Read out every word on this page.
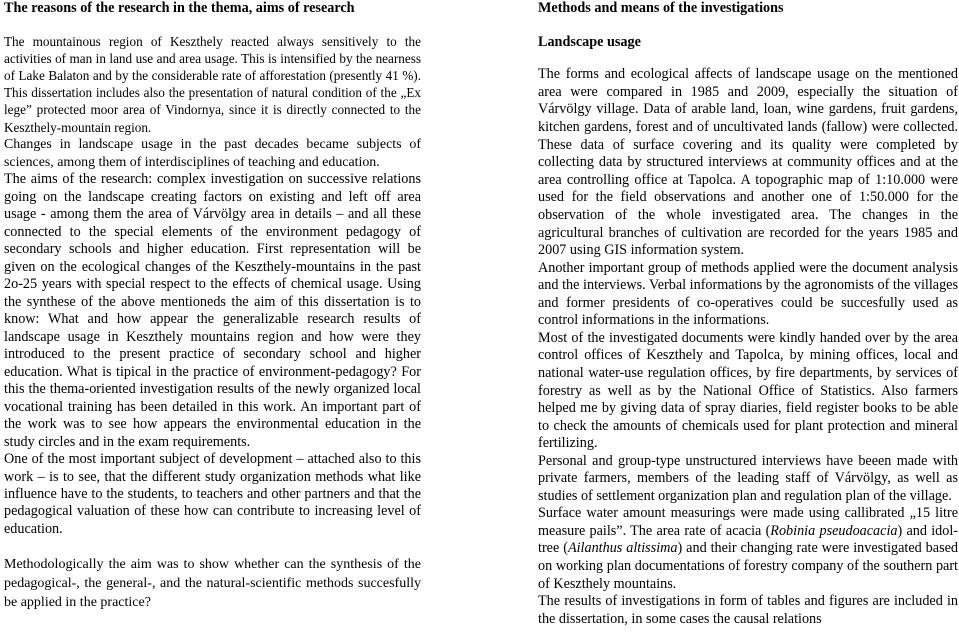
The reasons of the research in the thema, aims of research

The mountainous region of Keszthely reacted always sensitively to the activities of man in land use and area usage. This is intensified by the nearness of Lake Balaton and by the considerable rate of afforestation (presently 41 %). This dissertation includes also the presentation of natural condition of the „Ex lege” protected moor area of Vindornya, since it is directly connected to the Keszthely-mountain region.

Changes in landscape usage in the past decades became subjects of sciences, among them of interdisciplines of teaching and education.

The aims of the research: complex investigation on successive relations going on the landscape creating factors on existing and left off area usage - among them the area of Várvölgy area in details – and all these connected to the special elements of the environment pedagogy of secondary schools and higher education. First representation will be given on the ecological changes of the Keszthely-mountains in the past 2o-25 years with special respect to the effects of chemical usage. Using the synthese of the above mentioneds the aim of this dissertation is to know: What and how appear the generalizable research results of landscape usage in Keszthely mountains region and how were they introduced to the present practice of secondary school and higher education. What is tipical in the practice of environment-pedagogy? For this the thema-oriented investigation results of the newly organized local vocational training has been detailed in this work. An important part of the work was to see how appears the environmental education in the study circles and in the exam requirements.

One of the most important subject of development – attached also to this work – is to see, that the different study organization methods what like influence have to the students, to teachers and other partners and that the pedagogical valuation of these how can contribute to increasing level of education.

Methodologically the aim was to show whether can the synthesis of the pedagogical-, the general-, and the natural-scientific methods succesfully be applied in the practice?

Methods and means of the investigations
Landscape usage

The forms and ecological affects of landscape usage on the mentioned area were compared in 1985 and 2009, especially the situation of Várvölgy village. Data of arable land, loan, wine gardens, fruit gardens, kitchen gardens, forest and of uncultivated lands (fallow) were collected. These data of surface covering and its quality were completed by collecting data by structured interviews at community offices and at the area controlling office at Tapolca. A topographic map of 1:10.000 were used for the field observations and another one of 1:50.000 for the observation of the whole investigated area. The changes in the agricultural branches of cultivation are recorded for the years 1985 and 2007 using GIS information system.

Another important group of methods applied were the document analysis and the interviews. Verbal informations by the agronomists of the villages and former presidents of co-operatives could be succesfully used as control informations in the informations.

Most of the investigated documents were kindly handed over by the area control offices of Keszthely and Tapolca, by mining offices, local and national water-use regulation offices, by fire departments, by services of forestry as well as by the National Office of Statistics. Also farmers helped me by giving data of spray diaries, field register books to be able to check the amounts of chemicals used for plant protection and mineral fertilizing.

Personal and group-type unstructured interviews have beeen made with private farmers, members of the leading staff of Várvölgy, as well as studies of settlement organization plan and regulation plan of the village.

Surface water amount measurings were made using callibrated „15 litre measure pails”. The area rate of acacia (Robinia pseudoacacia) and idol-tree (Ailanthus altissima) and their changing rate were investigated based on working plan documentations of forestry company of the southern part of Keszthely mountains.

The results of investigations in form of tables and figures are included in the dissertation, in some cases the causal relations
